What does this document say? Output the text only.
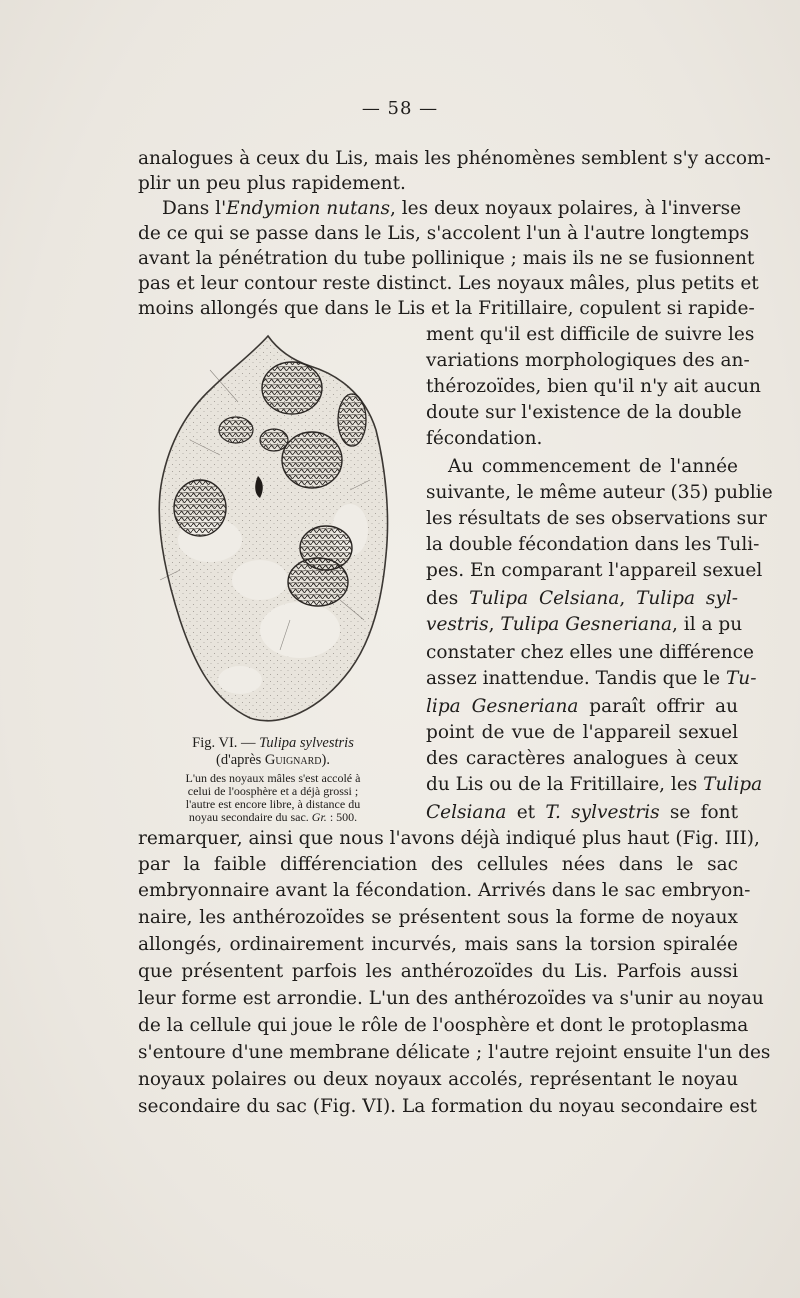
— 58 —
analogues à ceux du Lis, mais les phénomènes semblent s'y accom-
plir un peu plus rapidement.
Dans l'Endymion nutans, les deux noyaux polaires, à l'inverse
de ce qui se passe dans le Lis, s'accolent l'un à l'autre longtemps
avant la pénétration du tube pollinique ; mais ils ne se fusionnent
pas et leur contour reste distinct. Les noyaux mâles, plus petits et
moins allongés que dans le Lis et la Fritillaire, copulent si rapide-
ment qu'il est difficile de suivre les
variations morphologiques des an-
thérozoïdes, bien qu'il n'y ait aucun
doute sur l'existence de la double
fécondation.
Au commencement de l'année
suivante, le même auteur (35) publie
les résultats de ses observations sur
la double fécondation dans les Tuli-
pes. En comparant l'appareil sexuel
des Tulipa Celsiana, Tulipa syl-
vestris, Tulipa Gesneriana, il a pu
constater chez elles une différence
assez inattendue. Tandis que le Tu-
lipa Gesneriana paraît offrir au
point de vue de l'appareil sexuel
des caractères analogues à ceux
du Lis ou de la Fritillaire, les Tulipa
Celsiana et T. sylvestris se font
remarquer, ainsi que nous l'avons déjà indiqué plus haut (Fig. III),
par la faible différenciation des cellules nées dans le sac
embryonnaire avant la fécondation. Arrivés dans le sac embryon-
naire, les anthérozoïdes se présentent sous la forme de noyaux
allongés, ordinairement incurvés, mais sans la torsion spiralée
que présentent parfois les anthérozoïdes du Lis. Parfois aussi
leur forme est arrondie. L'un des anthérozoïdes va s'unir au noyau
de la cellule qui joue le rôle de l'oosphère et dont le protoplasma
s'entoure d'une membrane délicate ; l'autre rejoint ensuite l'un des
noyaux polaires ou deux noyaux accolés, représentant le noyau
secondaire du sac (Fig. VI). La formation du noyau secondaire est
Fig. VI. — Tulipa sylvestris
(d'après Guignard).
L'un des noyaux mâles s'est accolé à
celui de l'oosphère et a déjà grossi ;
l'autre est encore libre, à distance du
noyau secondaire du sac. Gr. : 500.
